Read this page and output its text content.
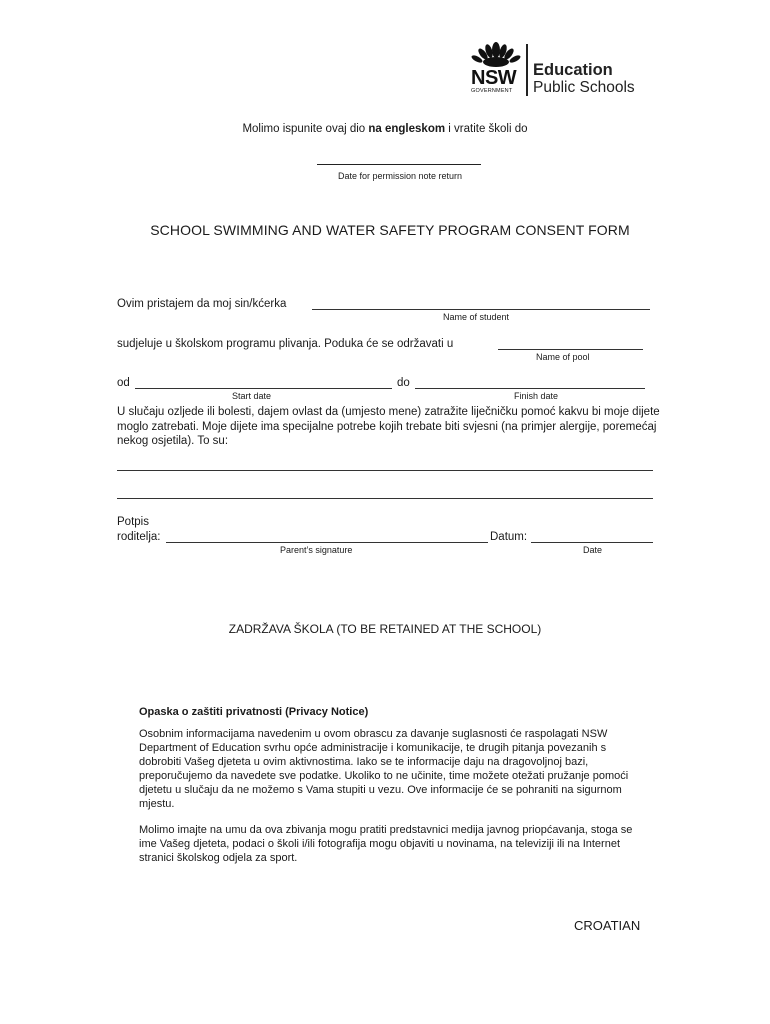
NSW
GOVERNMENT
Education
Public Schools
Molimo ispunite ovaj dio na engleskom i vratite školi do
Date for permission note return
SCHOOL SWIMMING AND WATER SAFETY PROGRAM CONSENT FORM
Ovim pristajem da moj sin/kćerka
Name of student
sudjeluje u školskom programu plivanja. Poduka će se održavati u
Name of pool
od	do
Start date	Finish date
U slučaju ozljede ili bolesti, dajem ovlast da (umjesto mene) zatražite liječničku pomoć kakvu bi moje dijete moglo zatrebati. Moje dijete ima specijalne potrebe kojih trebate biti svjesni (na primjer alergije, poremećaj nekog osjetila). To su:
Potpis
roditelja:	Datum:
Parent’s signature	Date
ZADRŽAVA ŠKOLA (TO BE RETAINED AT THE SCHOOL)
Opaska o zaštiti privatnosti (Privacy Notice)

Osobnim informacijama navedenim u ovom obrascu za davanje suglasnosti će raspolagati NSW Department of Education svrhu opće administracije i komunikacije, te drugih pitanja povezanih s dobrobiti Vašeg djeteta u ovim aktivnostima. Iako se te informacije daju na dragovoljnoj bazi, preporučujemo da navedete sve podatke. Ukoliko to ne učinite, time možete otežati pružanje pomoći djetetu u slučaju da ne možemo s Vama stupiti u vezu. Ove informacije će se pohraniti na sigurnom mjestu.

Molimo imajte na umu da ova zbivanja mogu pratiti predstavnici medija javnog priopćavanja, stoga se ime Vašeg djeteta, podaci o školi i/ili fotografija mogu objaviti u novinama, na televiziji ili na Internet stranici školskog odjela za sport.

CROATIAN
